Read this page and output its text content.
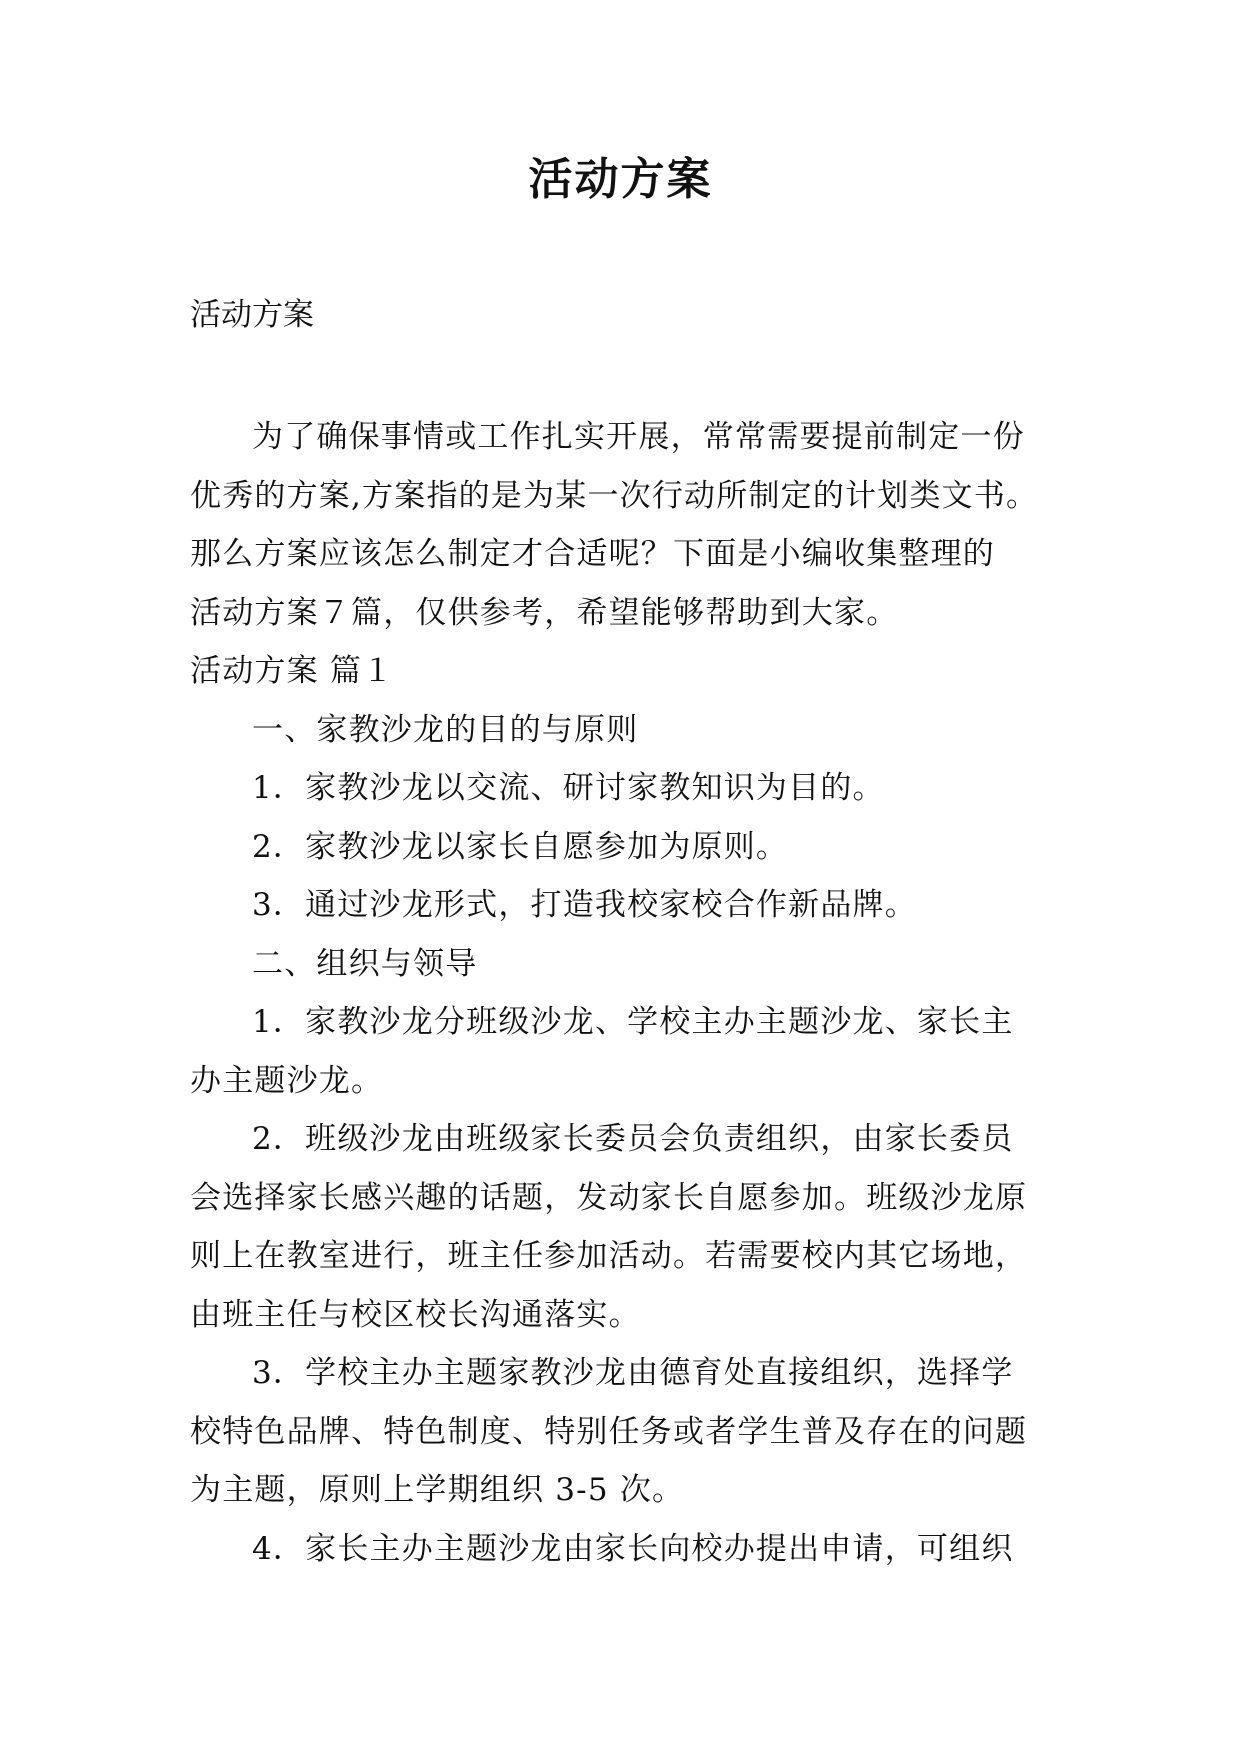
活动方案
活动方案

为了确保事情或工作扎实开展，常常需要提前制定一份

优秀的方案,方案指的是为某一次行动所制定的计划类文书。

那么方案应该怎么制定才合适呢？下面是小编收集整理的

活动方案７篇，仅供参考，希望能够帮助到大家。

活动方案 篇１

一、家教沙龙的目的与原则

1．家教沙龙以交流、研讨家教知识为目的。

2．家教沙龙以家长自愿参加为原则。

3．通过沙龙形式，打造我校家校合作新品牌。

二、组织与领导

1．家教沙龙分班级沙龙、学校主办主题沙龙、家长主

办主题沙龙。

2．班级沙龙由班级家长委员会负责组织，由家长委员

会选择家长感兴趣的话题，发动家长自愿参加。班级沙龙原

则上在教室进行，班主任参加活动。若需要校内其它场地，

由班主任与校区校长沟通落实。

3．学校主办主题家教沙龙由德育处直接组织，选择学

校特色品牌、特色制度、特别任务或者学生普及存在的问题

为主题，原则上学期组织 3-5 次。

4．家长主办主题沙龙由家长向校办提出申请，可组织
